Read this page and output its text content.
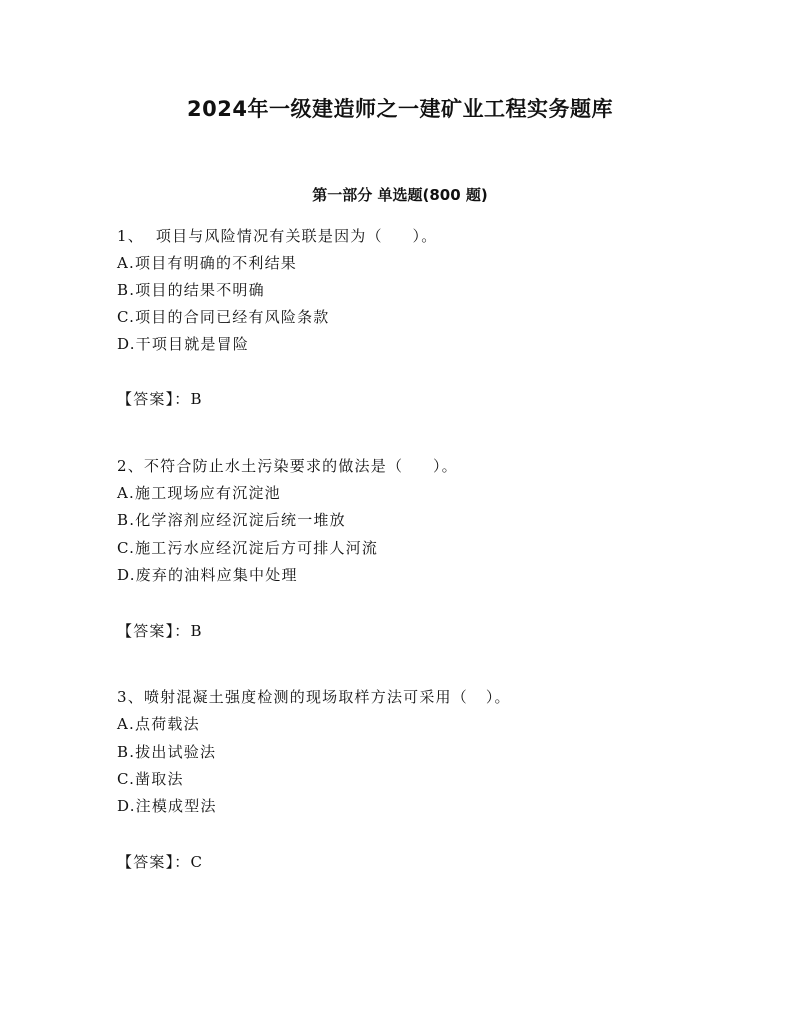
2024年一级建造师之一建矿业工程实务题库
第一部分 单选题(800 题)
1、  项目与风险情况有关联是因为（     ）。
A.项目有明确的不利结果
B.项目的结果不明确
C.项目的合同已经有风险条款
D.干项目就是冒险
【答案】：B
2、不符合防止水土污染要求的做法是（     ）。
A.施工现场应有沉淀池
B.化学溶剂应经沉淀后统一堆放
C.施工污水应经沉淀后方可排人河流
D.废弃的油料应集中处理
【答案】：B
3、喷射混凝土强度检测的现场取样方法可采用（   ）。
A.点荷载法
B.拔出试验法
C.凿取法
D.注模成型法
【答案】：C
